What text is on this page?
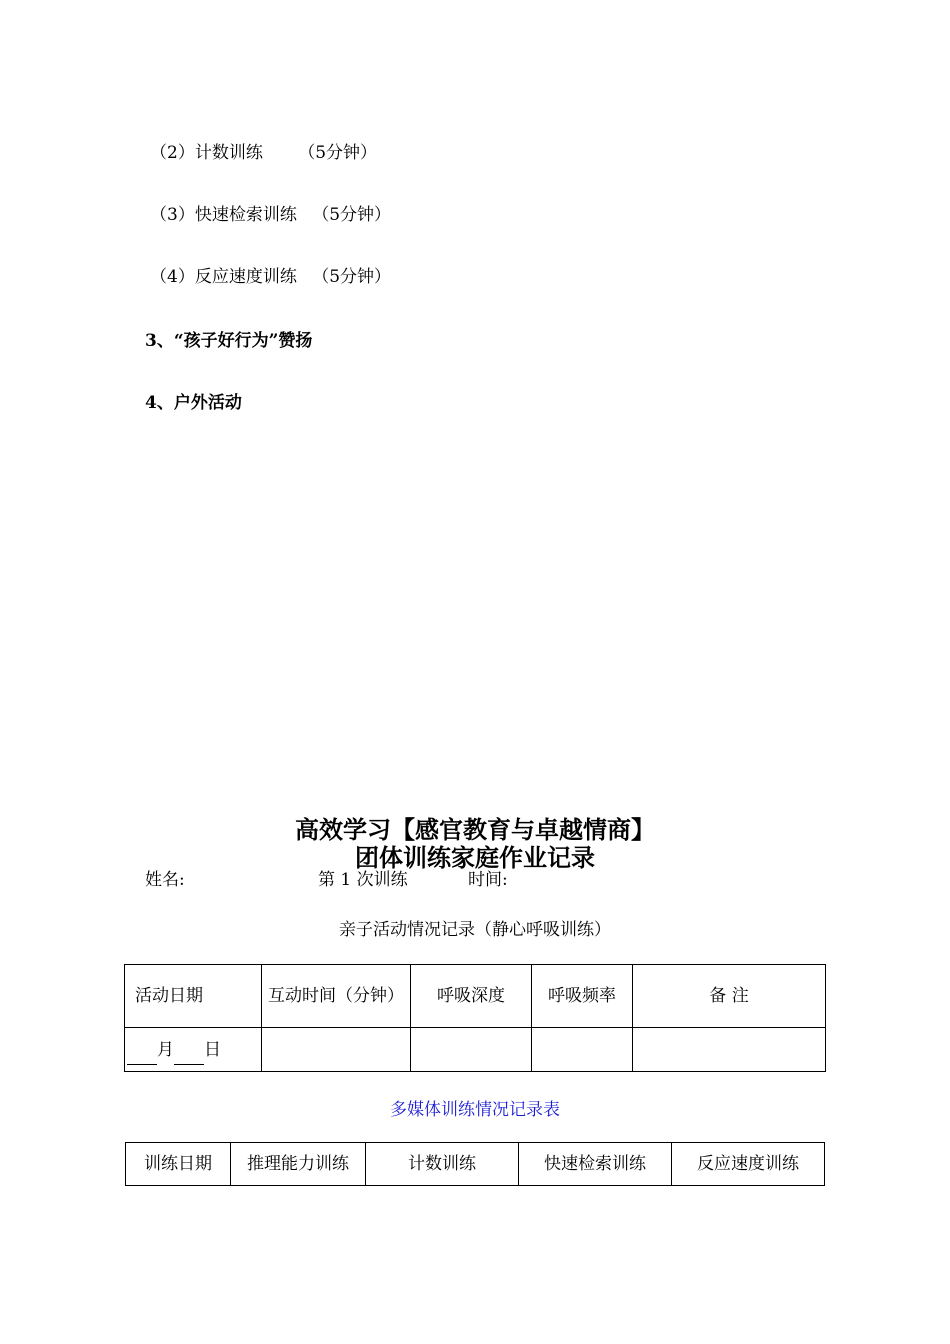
（2）计数训练 （5分钟）
（3）快速检索训练 （5分钟）
（4）反应速度训练 （5分钟）
3、“孩子好行为”赞扬
4、户外活动
高效学习【感官教育与卓越情商】
团体训练家庭作业记录
姓名:	第 1 次训练	时间:
亲子活动情况记录（静心呼吸训练）
活动日期	互动时间（分钟）	呼吸深度	呼吸频率	备 注
月 日				
多媒体训练情况记录表
训练日期	推理能力训练	计数训练	快速检索训练	反应速度训练
